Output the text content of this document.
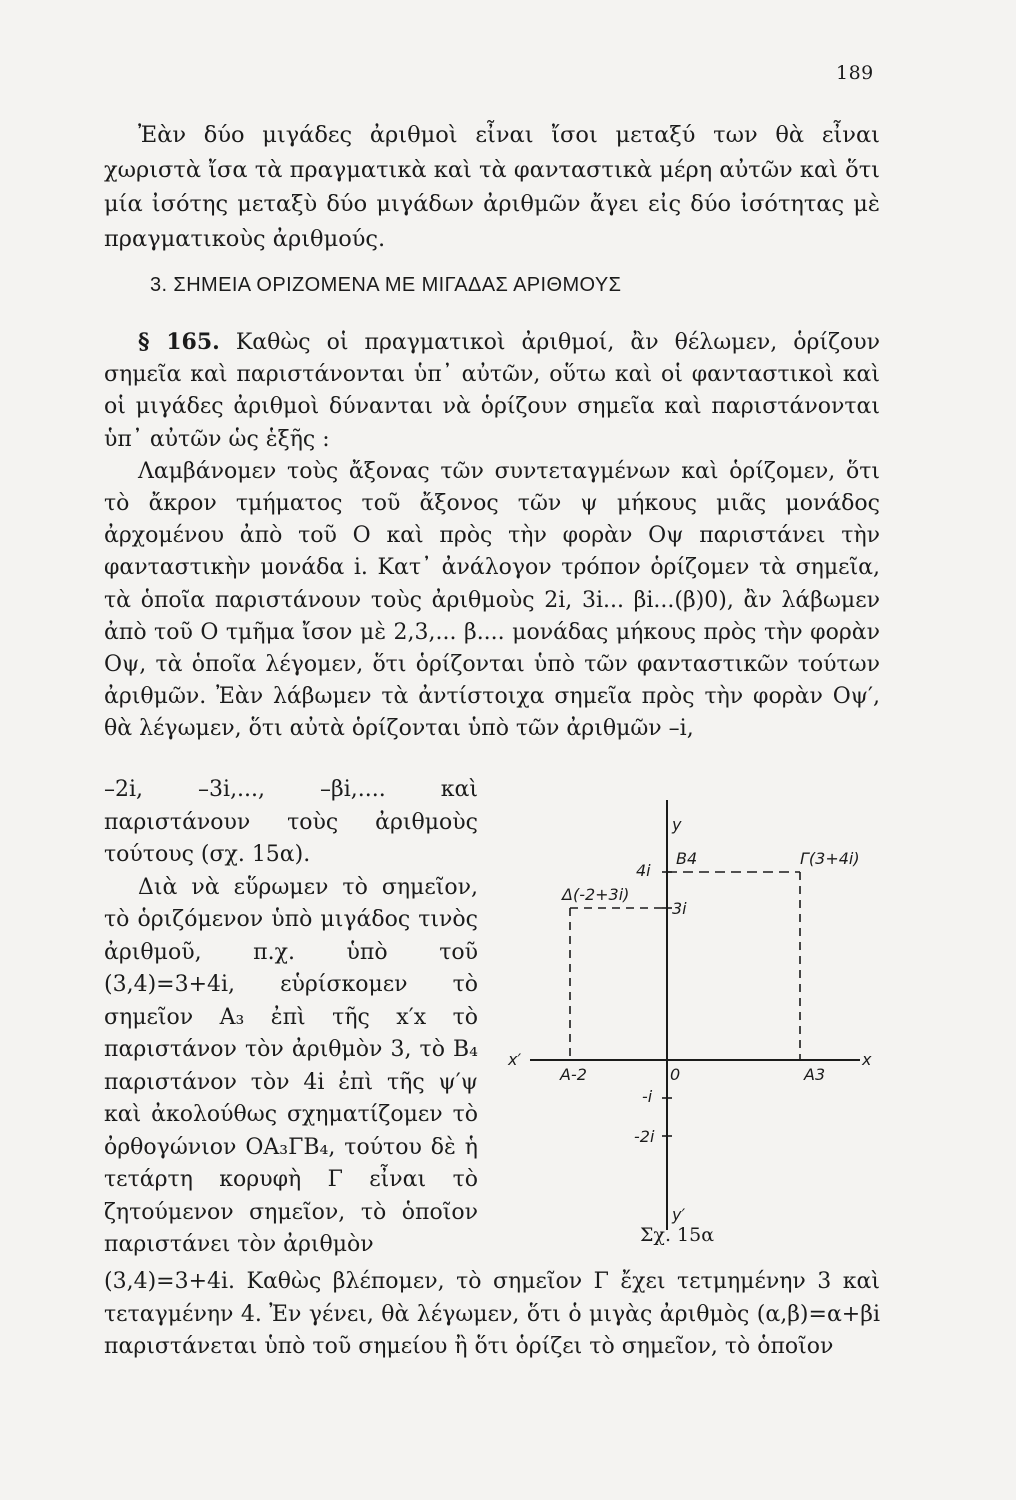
189

Ἐὰν δύο μιγάδες ἀριθμοὶ εἶναι ἴσοι μεταξύ των θὰ εἶναι χωριστὰ ἴσα τὰ πραγματικὰ καὶ τὰ φανταστικὰ μέρη αὐτῶν καὶ ὅτι μία ἰσότης μεταξὺ δύο μιγάδων ἀριθμῶν ἄγει εἰς δύο ἰσότητας μὲ πραγματικοὺς ἀριθμούς.

3. ΣΗΜΕΙΑ ΟΡΙΖΟΜΕΝΑ ΜΕ ΜΙΓΑΔΑΣ ΑΡΙΘΜΟΥΣ

§ 165. Καθὼς οἱ πραγματικοὶ ἀριθμοί, ἂν θέλωμεν, ὁρίζουν σημεῖα καὶ παριστάνονται ὑπ᾽ αὐτῶν, οὕτω καὶ οἱ φανταστικοὶ καὶ οἱ μιγάδες ἀριθμοὶ δύνανται νὰ ὁρίζουν σημεῖα καὶ παριστάνονται ὑπ᾽ αὐτῶν ὡς ἑξῆς :

Λαμβάνομεν τοὺς ἄξονας τῶν συντεταγμένων καὶ ὁρίζομεν, ὅτι τὸ ἄκρον τμήματος τοῦ ἄξονος τῶν ψ μήκους μιᾶς μονάδος ἀρχομένου ἀπὸ τοῦ Ο καὶ πρὸς τὴν φορὰν Οψ παριστάνει τὴν φανταστικὴν μονάδα i. Κατ᾽ ἀνάλογον τρόπον ὁρίζομεν τὰ σημεῖα, τὰ ὁποῖα παριστάνουν τοὺς ἀριθμοὺς 2i, 3i... βi...(β)0), ἂν λάβωμεν ἀπὸ τοῦ Ο τμῆμα ἴσον μὲ 2,3,... β.... μονάδας μήκους πρὸς τὴν φορὰν Οψ, τὰ ὁποῖα λέγομεν, ὅτι ὁρίζονται ὑπὸ τῶν φανταστικῶν τούτων ἀριθμῶν. Ἐὰν λάβωμεν τὰ ἀντίστοιχα σημεῖα πρὸς τὴν φορὰν Οψ′, θὰ λέγωμεν, ὅτι αὐτὰ ὁρίζονται ὑπὸ τῶν ἀριθμῶν –i,

–2i, –3i,..., –βi,.... καὶ παριστάνουν τοὺς ἀριθμοὺς τούτους (σχ. 15α).

Διὰ νὰ εὕρωμεν τὸ σημεῖον, τὸ ὁριζόμενον ὑπὸ μιγάδος τινὸς ἀριθμοῦ, π.χ. ὑπὸ τοῦ (3,4)=3+4i, εὑρίσκομεν τὸ σημεῖον Α₃ ἐπὶ τῆς x′x τὸ παριστάνον τὸν ἀριθμὸν 3, τὸ Β₄ παριστάνον τὸν 4i ἐπὶ τῆς ψ′ψ καὶ ἀκολούθως σχηματίζομεν τὸ ὀρθογώνιον ΟΑ₃ΓΒ₄, τούτου δὲ ἡ τετάρτη κορυφὴ Γ εἶναι τὸ ζητούμενον σημεῖον, τὸ ὁποῖον παριστάνει τὸν ἀριθμὸν

y
y′
x′	x
0
A-2	A3
B4	Γ(3+4i)
Δ(-2+3i)
4i
3i
-i
-2i
Σχ. 15α

(3,4)=3+4i. Καθὼς βλέπομεν, τὸ σημεῖον Γ ἔχει τετμημένην 3 καὶ τεταγμένην 4. Ἐν γένει, θὰ λέγωμεν, ὅτι ὁ μιγὰς ἀριθμὸς (α,β)=α+βi παριστάνεται ὑπὸ τοῦ σημείου ἢ ὅτι ὁρίζει τὸ σημεῖον, τὸ ὁποῖον
